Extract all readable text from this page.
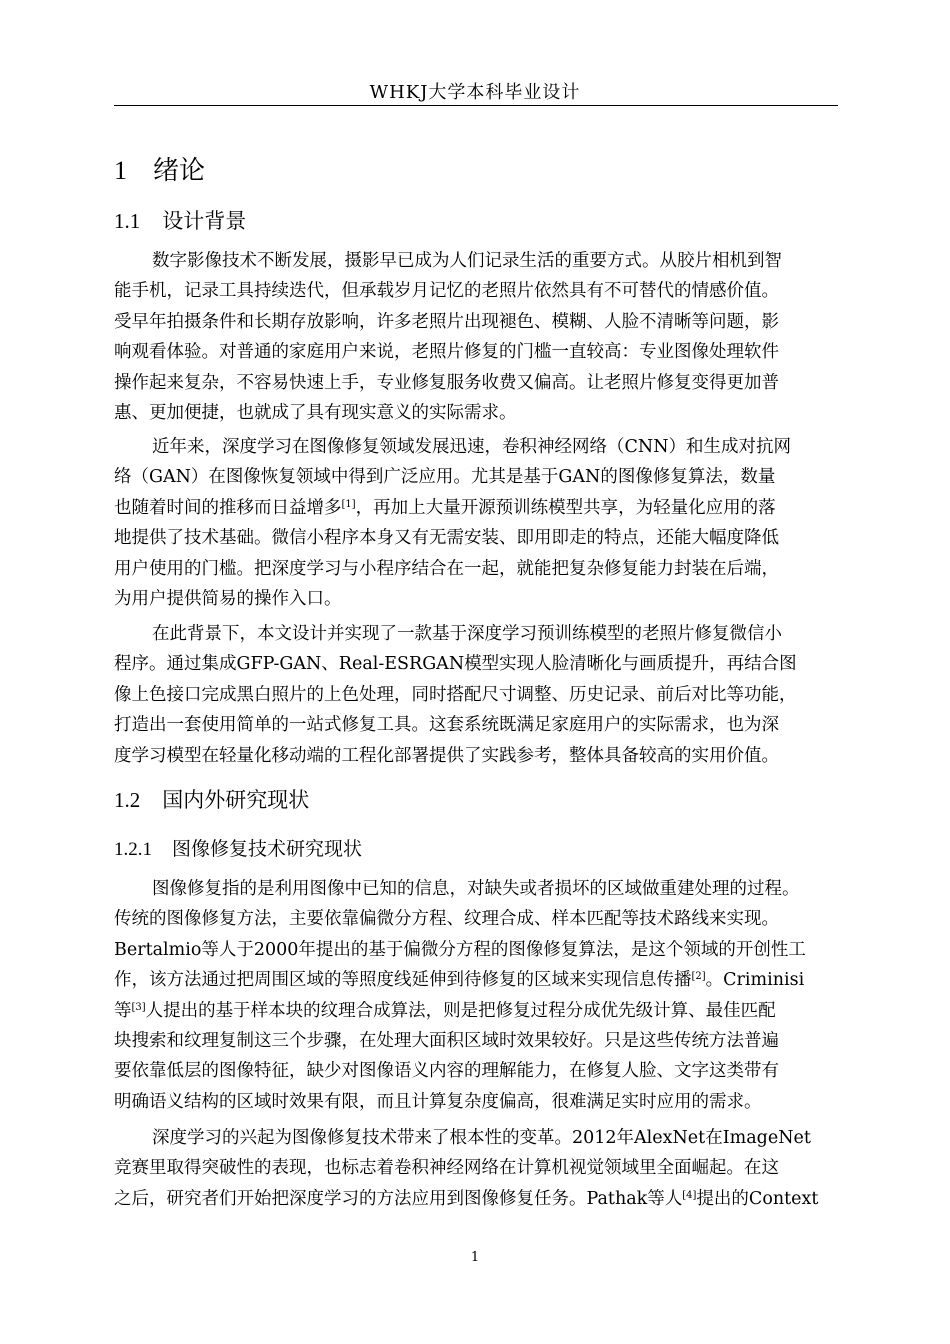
WHKJ大学本科毕业设计
1 绪论
1.1 设计背景
数字影像技术不断发展，摄影早已成为人们记录生活的重要方式。从胶片相机到智
能手机，记录工具持续迭代，但承载岁月记忆的老照片依然具有不可替代的情感价值。
受早年拍摄条件和长期存放影响，许多老照片出现褪色、模糊、人脸不清晰等问题，影
响观看体验。对普通的家庭用户来说，老照片修复的门槛一直较高：专业图像处理软件
操作起来复杂，不容易快速上手，专业修复服务收费又偏高。让老照片修复变得更加普
惠、更加便捷，也就成了具有现实意义的实际需求。
近年来，深度学习在图像修复领域发展迅速，卷积神经网络（CNN）和生成对抗网
络（GAN）在图像恢复领域中得到广泛应用。尤其是基于GAN的图像修复算法，数量
也随着时间的推移而日益增多[1]，再加上大量开源预训练模型共享，为轻量化应用的落
地提供了技术基础。微信小程序本身又有无需安装、即用即走的特点，还能大幅度降低
用户使用的门槛。把深度学习与小程序结合在一起，就能把复杂修复能力封装在后端，
为用户提供简易的操作入口。
在此背景下，本文设计并实现了一款基于深度学习预训练模型的老照片修复微信小
程序。通过集成GFP-GAN、Real-ESRGAN模型实现人脸清晰化与画质提升，再结合图
像上色接口完成黑白照片的上色处理，同时搭配尺寸调整、历史记录、前后对比等功能，
打造出一套使用简单的一站式修复工具。这套系统既满足家庭用户的实际需求，也为深
度学习模型在轻量化移动端的工程化部署提供了实践参考，整体具备较高的实用价值。
1.2 国内外研究现状
1.2.1 图像修复技术研究现状
图像修复指的是利用图像中已知的信息，对缺失或者损坏的区域做重建处理的过程。
传统的图像修复方法，主要依靠偏微分方程、纹理合成、样本匹配等技术路线来实现。
Bertalmio等人于2000年提出的基于偏微分方程的图像修复算法，是这个领域的开创性工
作，该方法通过把周围区域的等照度线延伸到待修复的区域来实现信息传播[2]。Criminisi
等[3]人提出的基于样本块的纹理合成算法，则是把修复过程分成优先级计算、最佳匹配
块搜索和纹理复制这三个步骤，在处理大面积区域时效果较好。只是这些传统方法普遍
要依靠低层的图像特征，缺少对图像语义内容的理解能力，在修复人脸、文字这类带有
明确语义结构的区域时效果有限，而且计算复杂度偏高，很难满足实时应用的需求。
深度学习的兴起为图像修复技术带来了根本性的变革。2012年AlexNet在ImageNet
竞赛里取得突破性的表现，也标志着卷积神经网络在计算机视觉领域里全面崛起。在这
之后，研究者们开始把深度学习的方法应用到图像修复任务。Pathak等人[4]提出的Context
1
